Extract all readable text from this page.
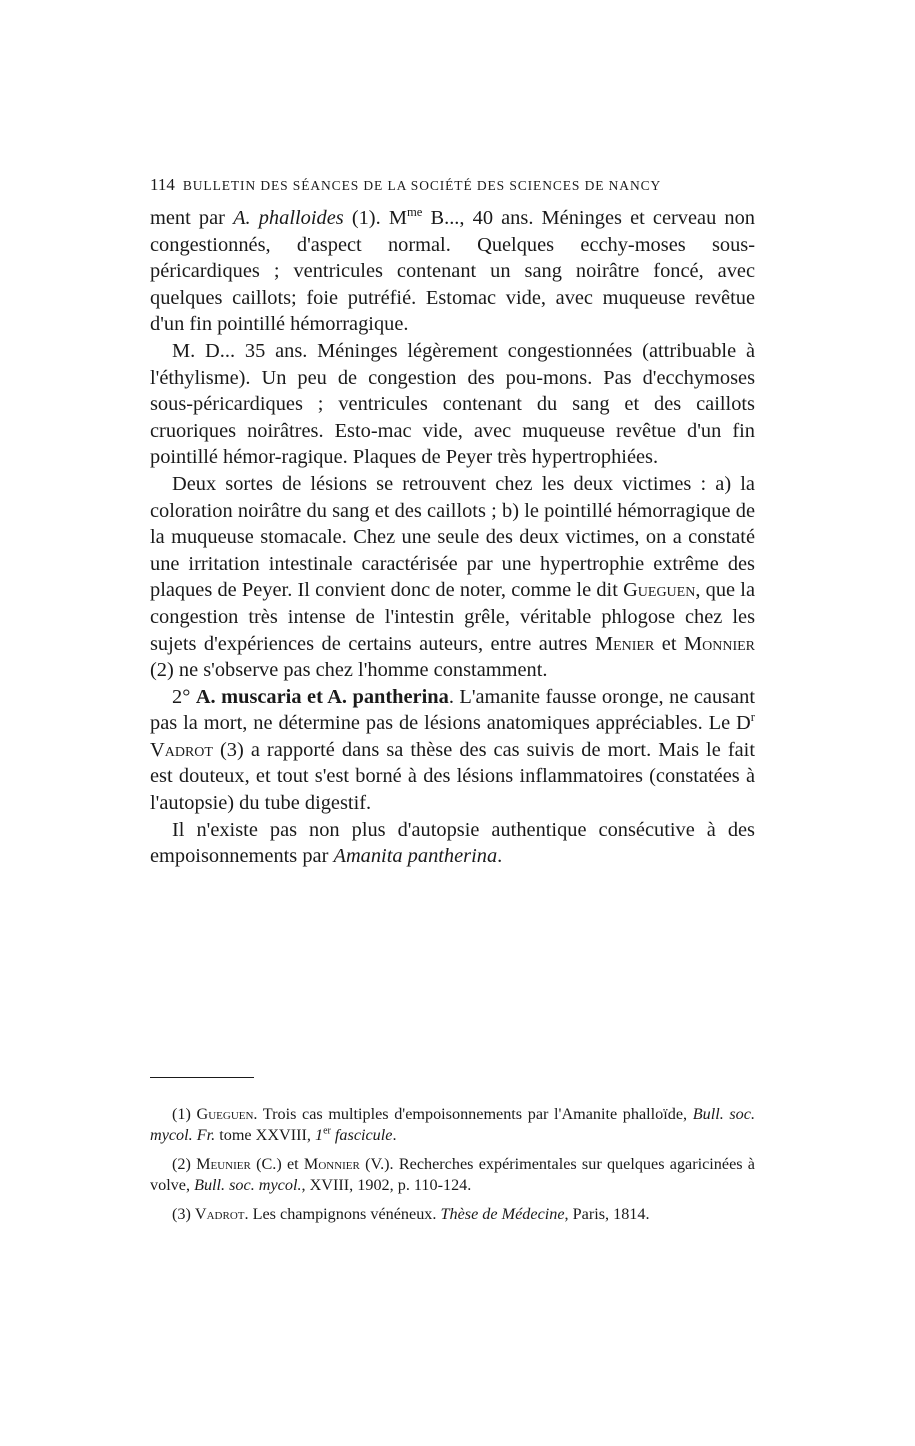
114 BULLETIN DES SÉANCES DE LA SOCIÉTÉ DES SCIENCES DE NANCY

ment par A. phalloides (1). $M^{me}$ B..., 40 ans. Méninges et cerveau non congestionnés, d'aspect normal. Quelques ecchy-moses sous-péricardiques ; ventricules contenant un sang noirâtre foncé, avec quelques caillots; foie putréfié. Estomac vide, avec muqueuse revêtue d'un fin pointillé hémorragique.

M. D... 35 ans. Méninges légèrement congestionnées (attribuable à l'éthylisme). Un peu de congestion des pou-mons. Pas d'ecchymoses sous-péricardiques ; ventricules contenant du sang et des caillots cruoriques noirâtres. Esto-mac vide, avec muqueuse revêtue d'un fin pointillé hémor-ragique. Plaques de Peyer très hypertrophiées.

Deux sortes de lésions se retrouvent chez les deux victimes : a) la coloration noirâtre du sang et des caillots ; b) le pointillé hémorragique de la muqueuse stomacale. Chez une seule des deux victimes, on a constaté une irritation intestinale caractérisée par une hypertrophie extrême des plaques de Peyer. Il convient donc de noter, comme le dit Gueguen, que la congestion très intense de l'intestin grêle, véritable phlogose chez les sujets d'expériences de certains auteurs, entre autres Menier et Monnier (2) ne s'observe pas chez l'homme constamment.

2° A. muscaria et A. pantherina. L'amanite fausse oronge, ne causant pas la mort, ne détermine pas de lésions anatomiques appréciables. Le $D^r$ Vadrot (3) a rapporté dans sa thèse des cas suivis de mort. Mais le fait est douteux, et tout s'est borné à des lésions inflammatoires (constatées à l'autopsie) du tube digestif.

Il n'existe pas non plus d'autopsie authentique consécutive à des empoisonnements par Amanita pantherina.

(1) Gueguen. Trois cas multiples d'empoisonnements par l'Amanite phalloïde, Bull. soc. mycol. Fr. tome XXVIII, 1er fascicule.

(2) Meunier (C.) et Monnier (V.). Recherches expérimentales sur quelques agaricinées à volve, Bull. soc. mycol., XVIII, 1902, p. 110-124.

(3) Vadrot. Les champignons vénéneux. Thèse de Médecine, Paris, 1814.
